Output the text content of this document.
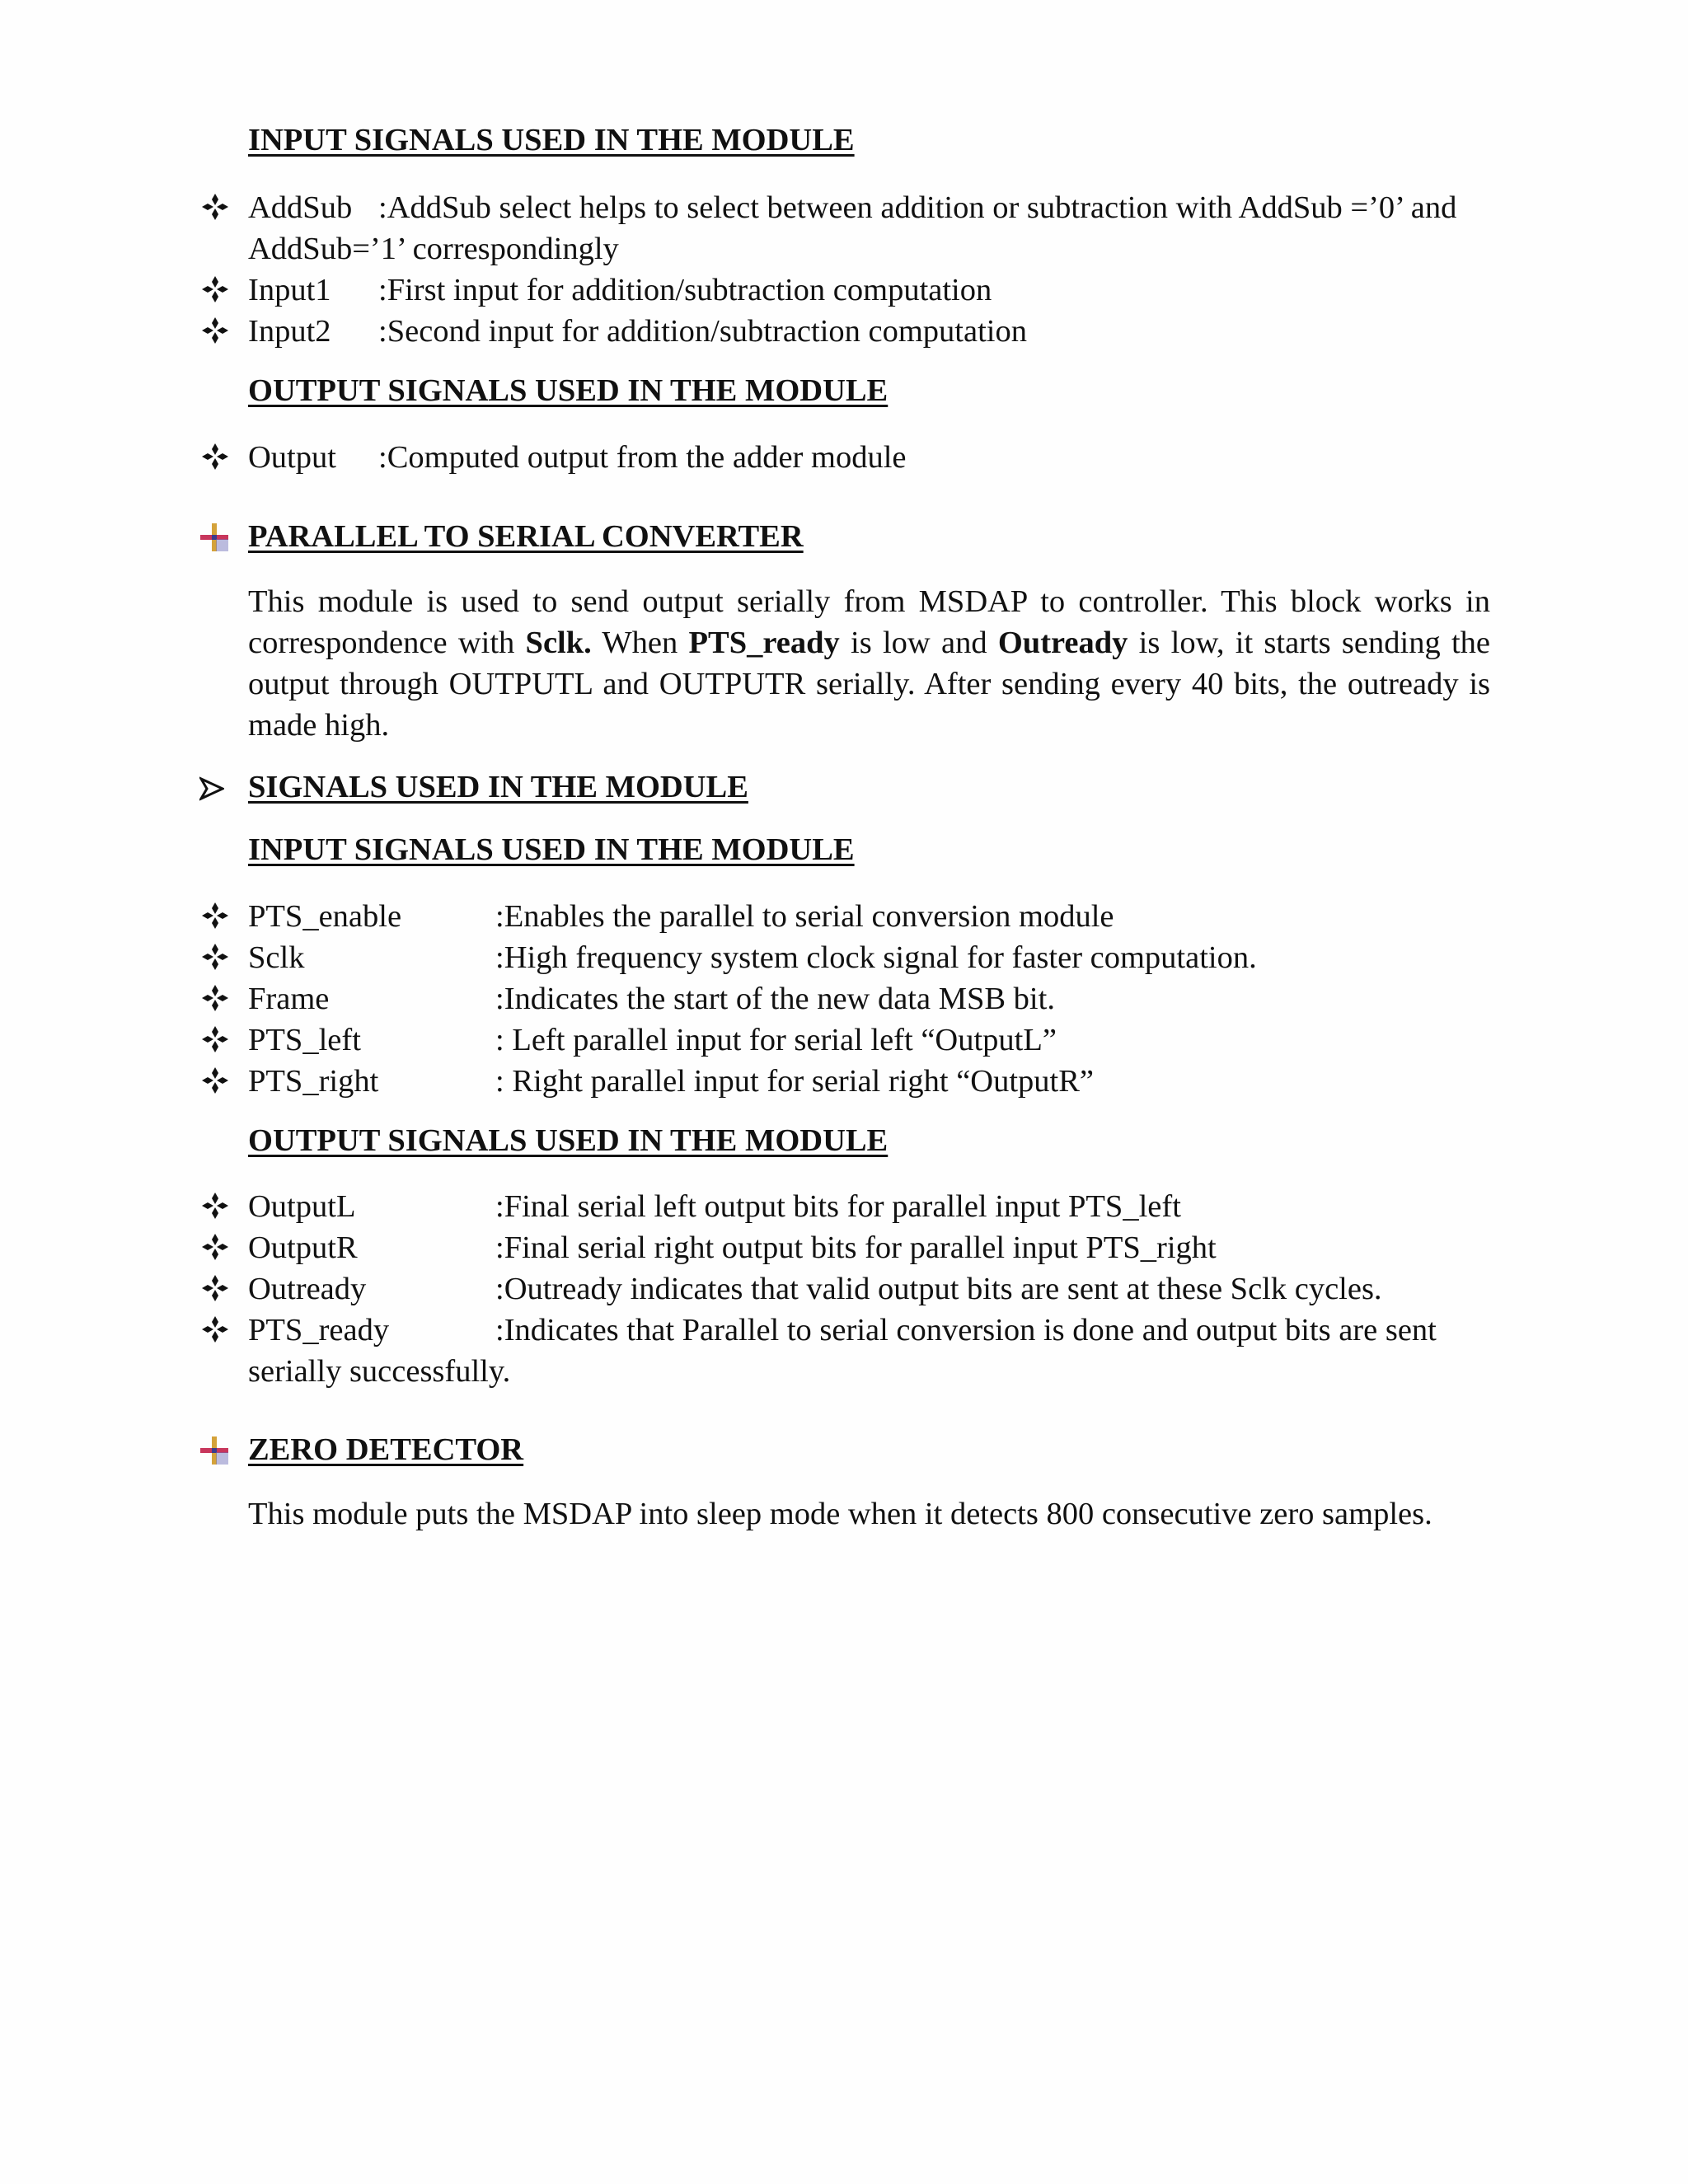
INPUT SIGNALS USED IN THE MODULE
AddSub :AddSub select helps to select between addition or subtraction with AddSub =’0’ and
AddSub=’1’ correspondingly
Input1 :First input for addition/subtraction computation
Input2 :Second input for addition/subtraction computation
OUTPUT SIGNALS USED IN THE MODULE
Output :Computed output from the adder module
PARALLEL TO SERIAL CONVERTER
This module is used to send output serially from MSDAP to controller. This block works in correspondence with Sclk. When PTS_ready is low and Outready is low, it starts sending the output through OUTPUTL and OUTPUTR serially. After sending every 40 bits, the outready is made high.
SIGNALS USED IN THE MODULE
INPUT SIGNALS USED IN THE MODULE
PTS_enable	:Enables the parallel to serial conversion module
Sclk	:High frequency system clock signal for faster computation.
Frame	:Indicates the start of the new data MSB bit.
PTS_left	: Left parallel input for serial left “OutputL”
PTS_right	: Right parallel input for serial right “OutputR”
OUTPUT SIGNALS USED IN THE MODULE
OutputL	:Final serial left output bits for parallel input PTS_left
OutputR	:Final serial right output bits for parallel input PTS_right
Outready	:Outready indicates that valid output bits are sent at these Sclk cycles.
PTS_ready	:Indicates that Parallel to serial conversion is done and output bits are sent
serially successfully.
ZERO DETECTOR
This module puts the MSDAP into sleep mode when it detects 800 consecutive zero samples.
